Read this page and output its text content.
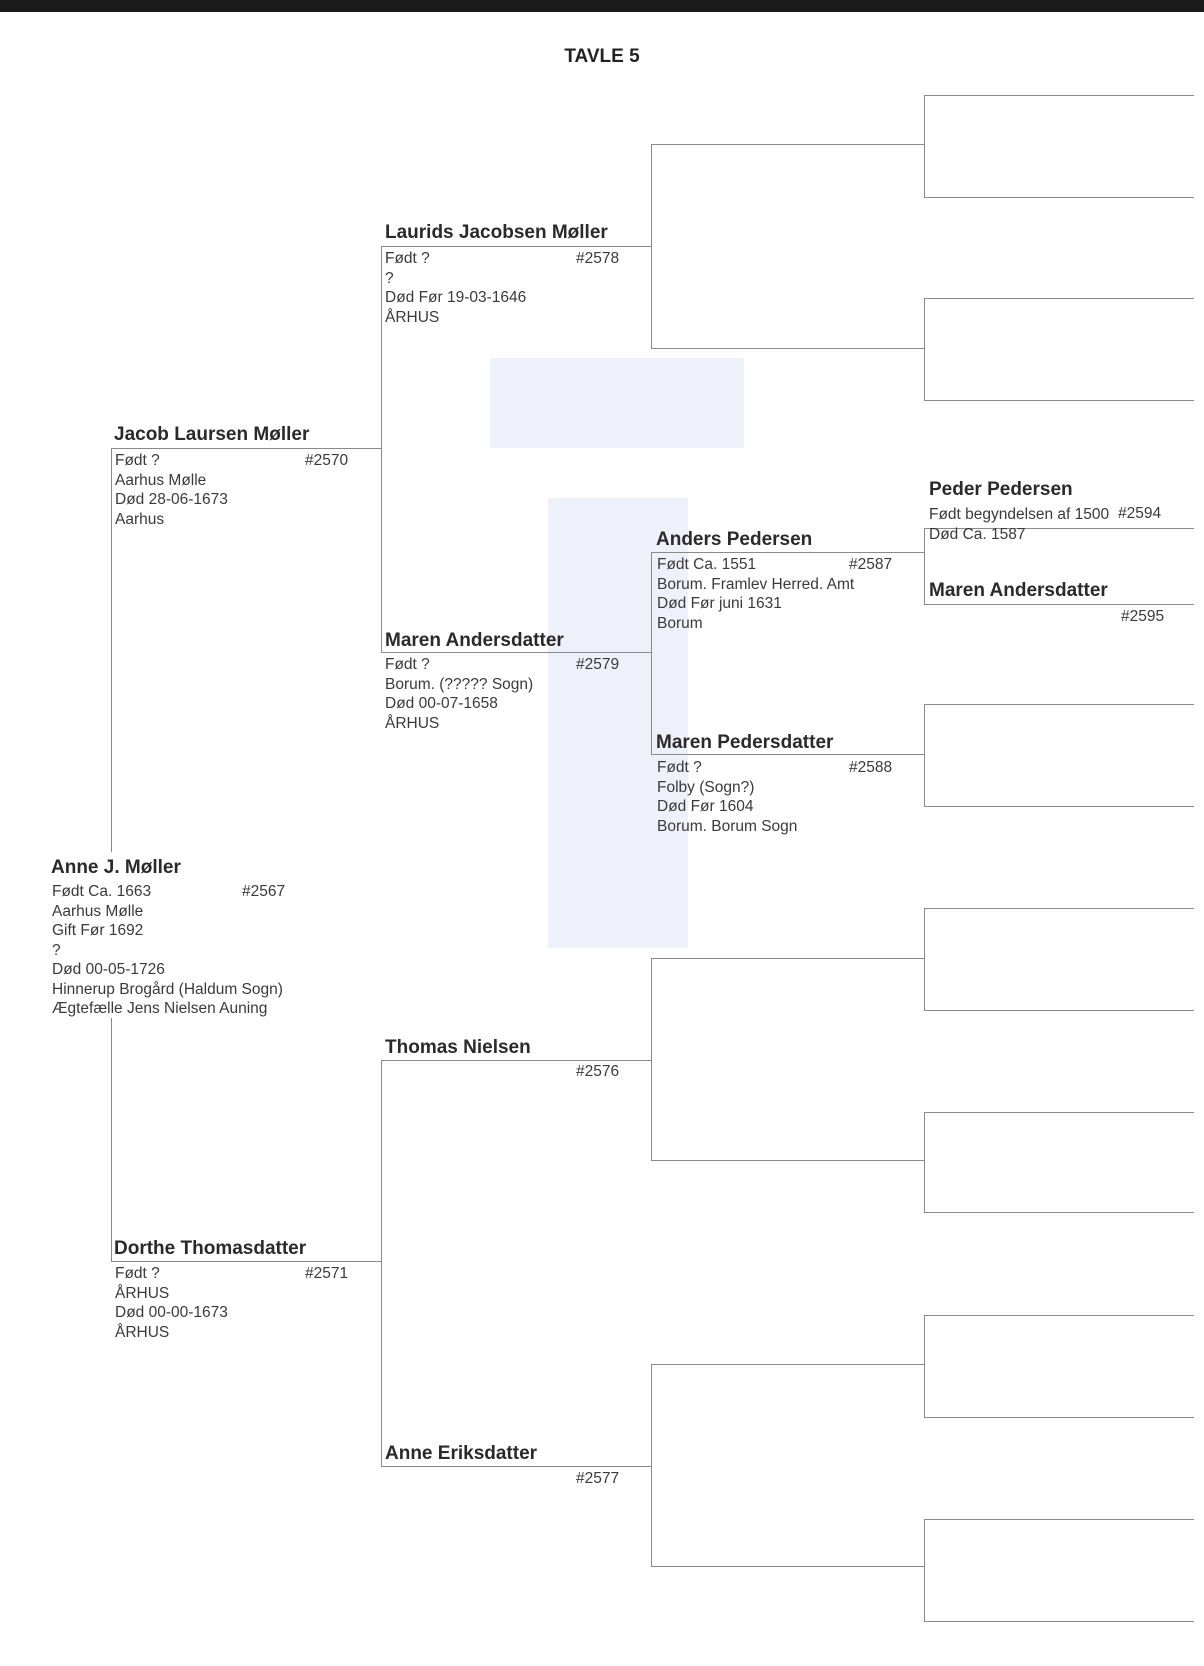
TAVLE 5
Anne J. Møller
#2567
Født Ca. 1663
Aarhus Mølle
Gift Før 1692
?
Død 00-05-1726
Hinnerup Brogård (Haldum Sogn)
Ægtefælle Jens Nielsen Auning
Jacob Laursen Møller
#2570
Født ?
Aarhus Mølle
Død 28-06-1673
Aarhus
Dorthe Thomasdatter
#2571
Født ?
ÅRHUS
Død 00-00-1673
ÅRHUS
Laurids Jacobsen Møller
#2578
Født ?
?
Død Før 19-03-1646
ÅRHUS
Maren Andersdatter
#2579
Født ?
Borum. (????? Sogn)
Død 00-07-1658
ÅRHUS
Thomas Nielsen
#2576
Anne Eriksdatter
#2577
Anders Pedersen
#2587
Født Ca. 1551
Borum. Framlev Herred. Amt
Død Før juni 1631
Borum
Maren Pedersdatter
#2588
Født ?
Folby (Sogn?)
Død Før 1604
Borum. Borum Sogn
Peder Pedersen
#2594
Født begyndelsen af 1500
Død Ca. 1587
Maren Andersdatter
#2595
